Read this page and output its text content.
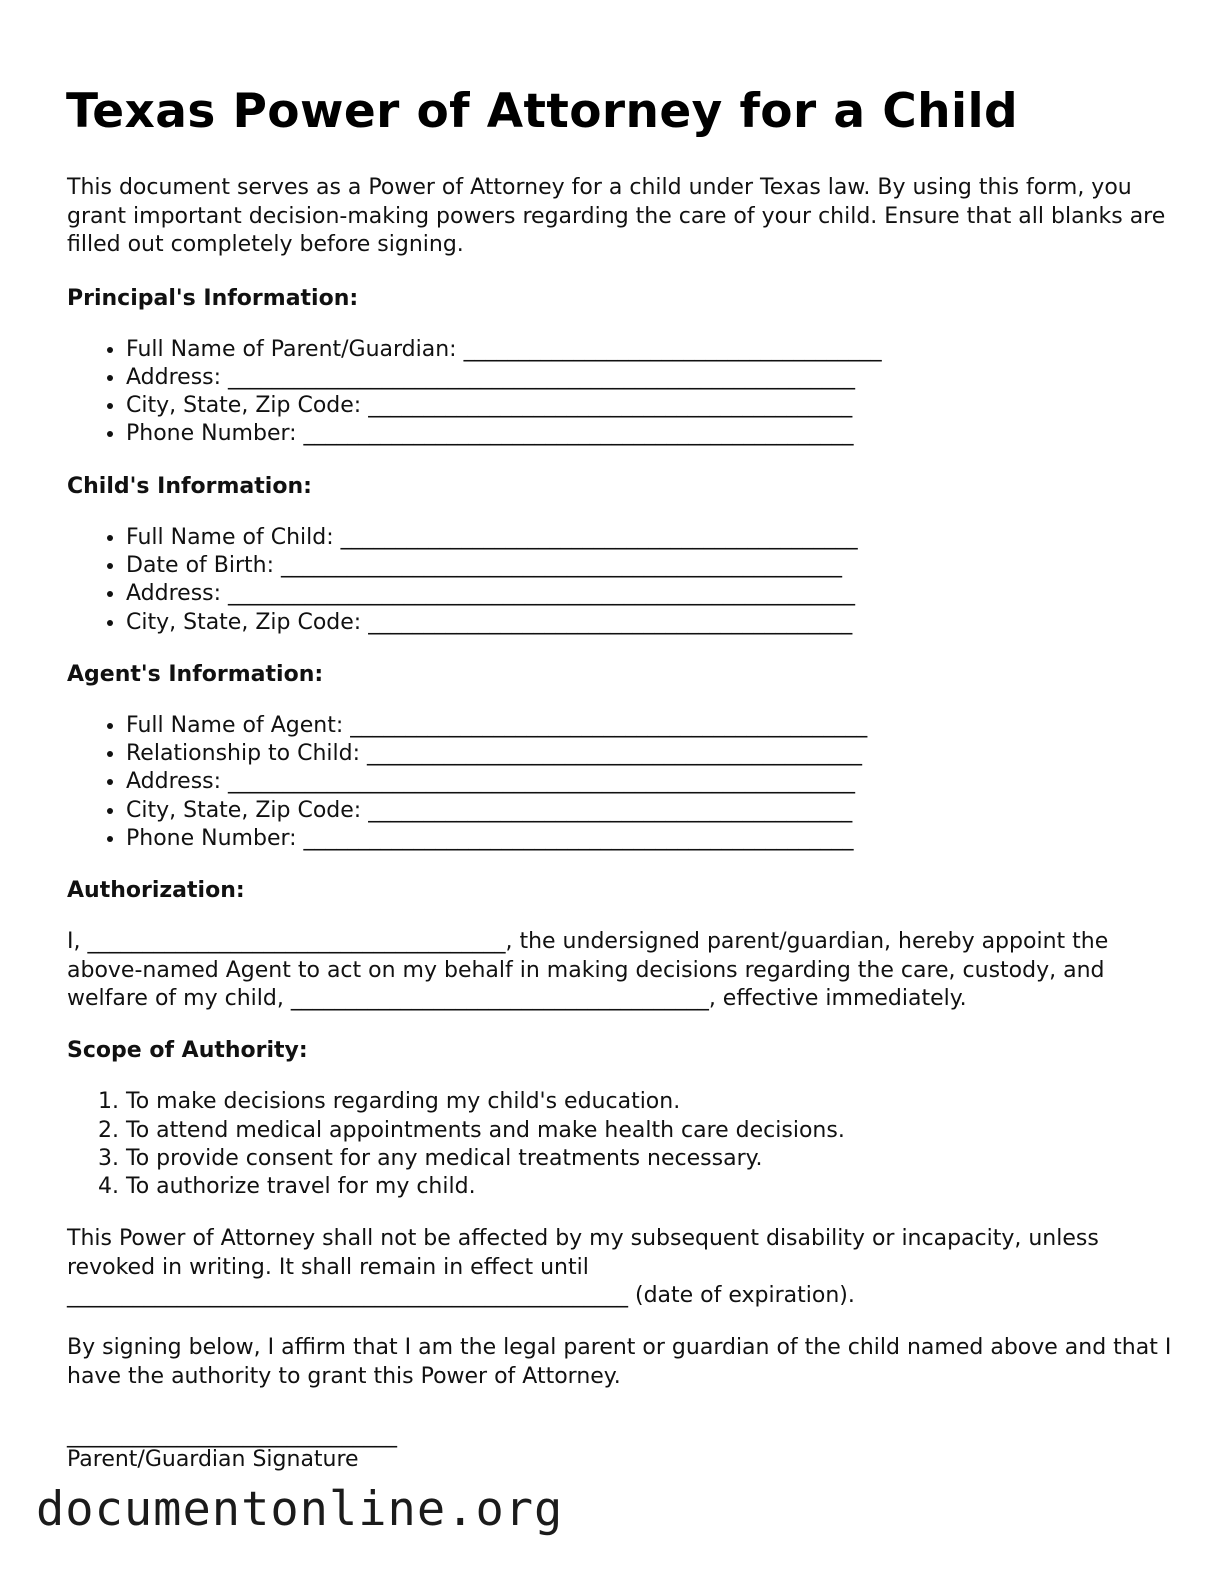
Texas Power of Attorney for a Child
This document serves as a Power of Attorney for a child under Texas law. By using this form, you grant important decision-making powers regarding the care of your child. Ensure that all blanks are filled out completely before signing.
Principal's Information:
• Full Name of Parent/Guardian: ______________________________________
• Address: _________________________________________________________
• City, State, Zip Code: ____________________________________________
• Phone Number: __________________________________________________
Child's Information:
• Full Name of Child: _______________________________________________
• Date of Birth: ___________________________________________________
• Address: _________________________________________________________
• City, State, Zip Code: ____________________________________________
Agent's Information:
• Full Name of Agent: _______________________________________________
• Relationship to Child: _____________________________________________
• Address: _________________________________________________________
• City, State, Zip Code: ____________________________________________
• Phone Number: __________________________________________________
Authorization:
I, ______________________________________, the undersigned parent/guardian, hereby appoint the above-named Agent to act on my behalf in making decisions regarding the care, custody, and welfare of my child, ______________________________________, effective immediately.
Scope of Authority:
1. To make decisions regarding my child's education.
2. To attend medical appointments and make health care decisions.
3. To provide consent for any medical treatments necessary.
4. To authorize travel for my child.
This Power of Attorney shall not be affected by my subsequent disability or incapacity, unless revoked in writing. It shall remain in effect until
___________________________________________________ (date of expiration).
By signing below, I affirm that I am the legal parent or guardian of the child named above and that I have the authority to grant this Power of Attorney.
______________________________
Parent/Guardian Signature
documentonline.org
